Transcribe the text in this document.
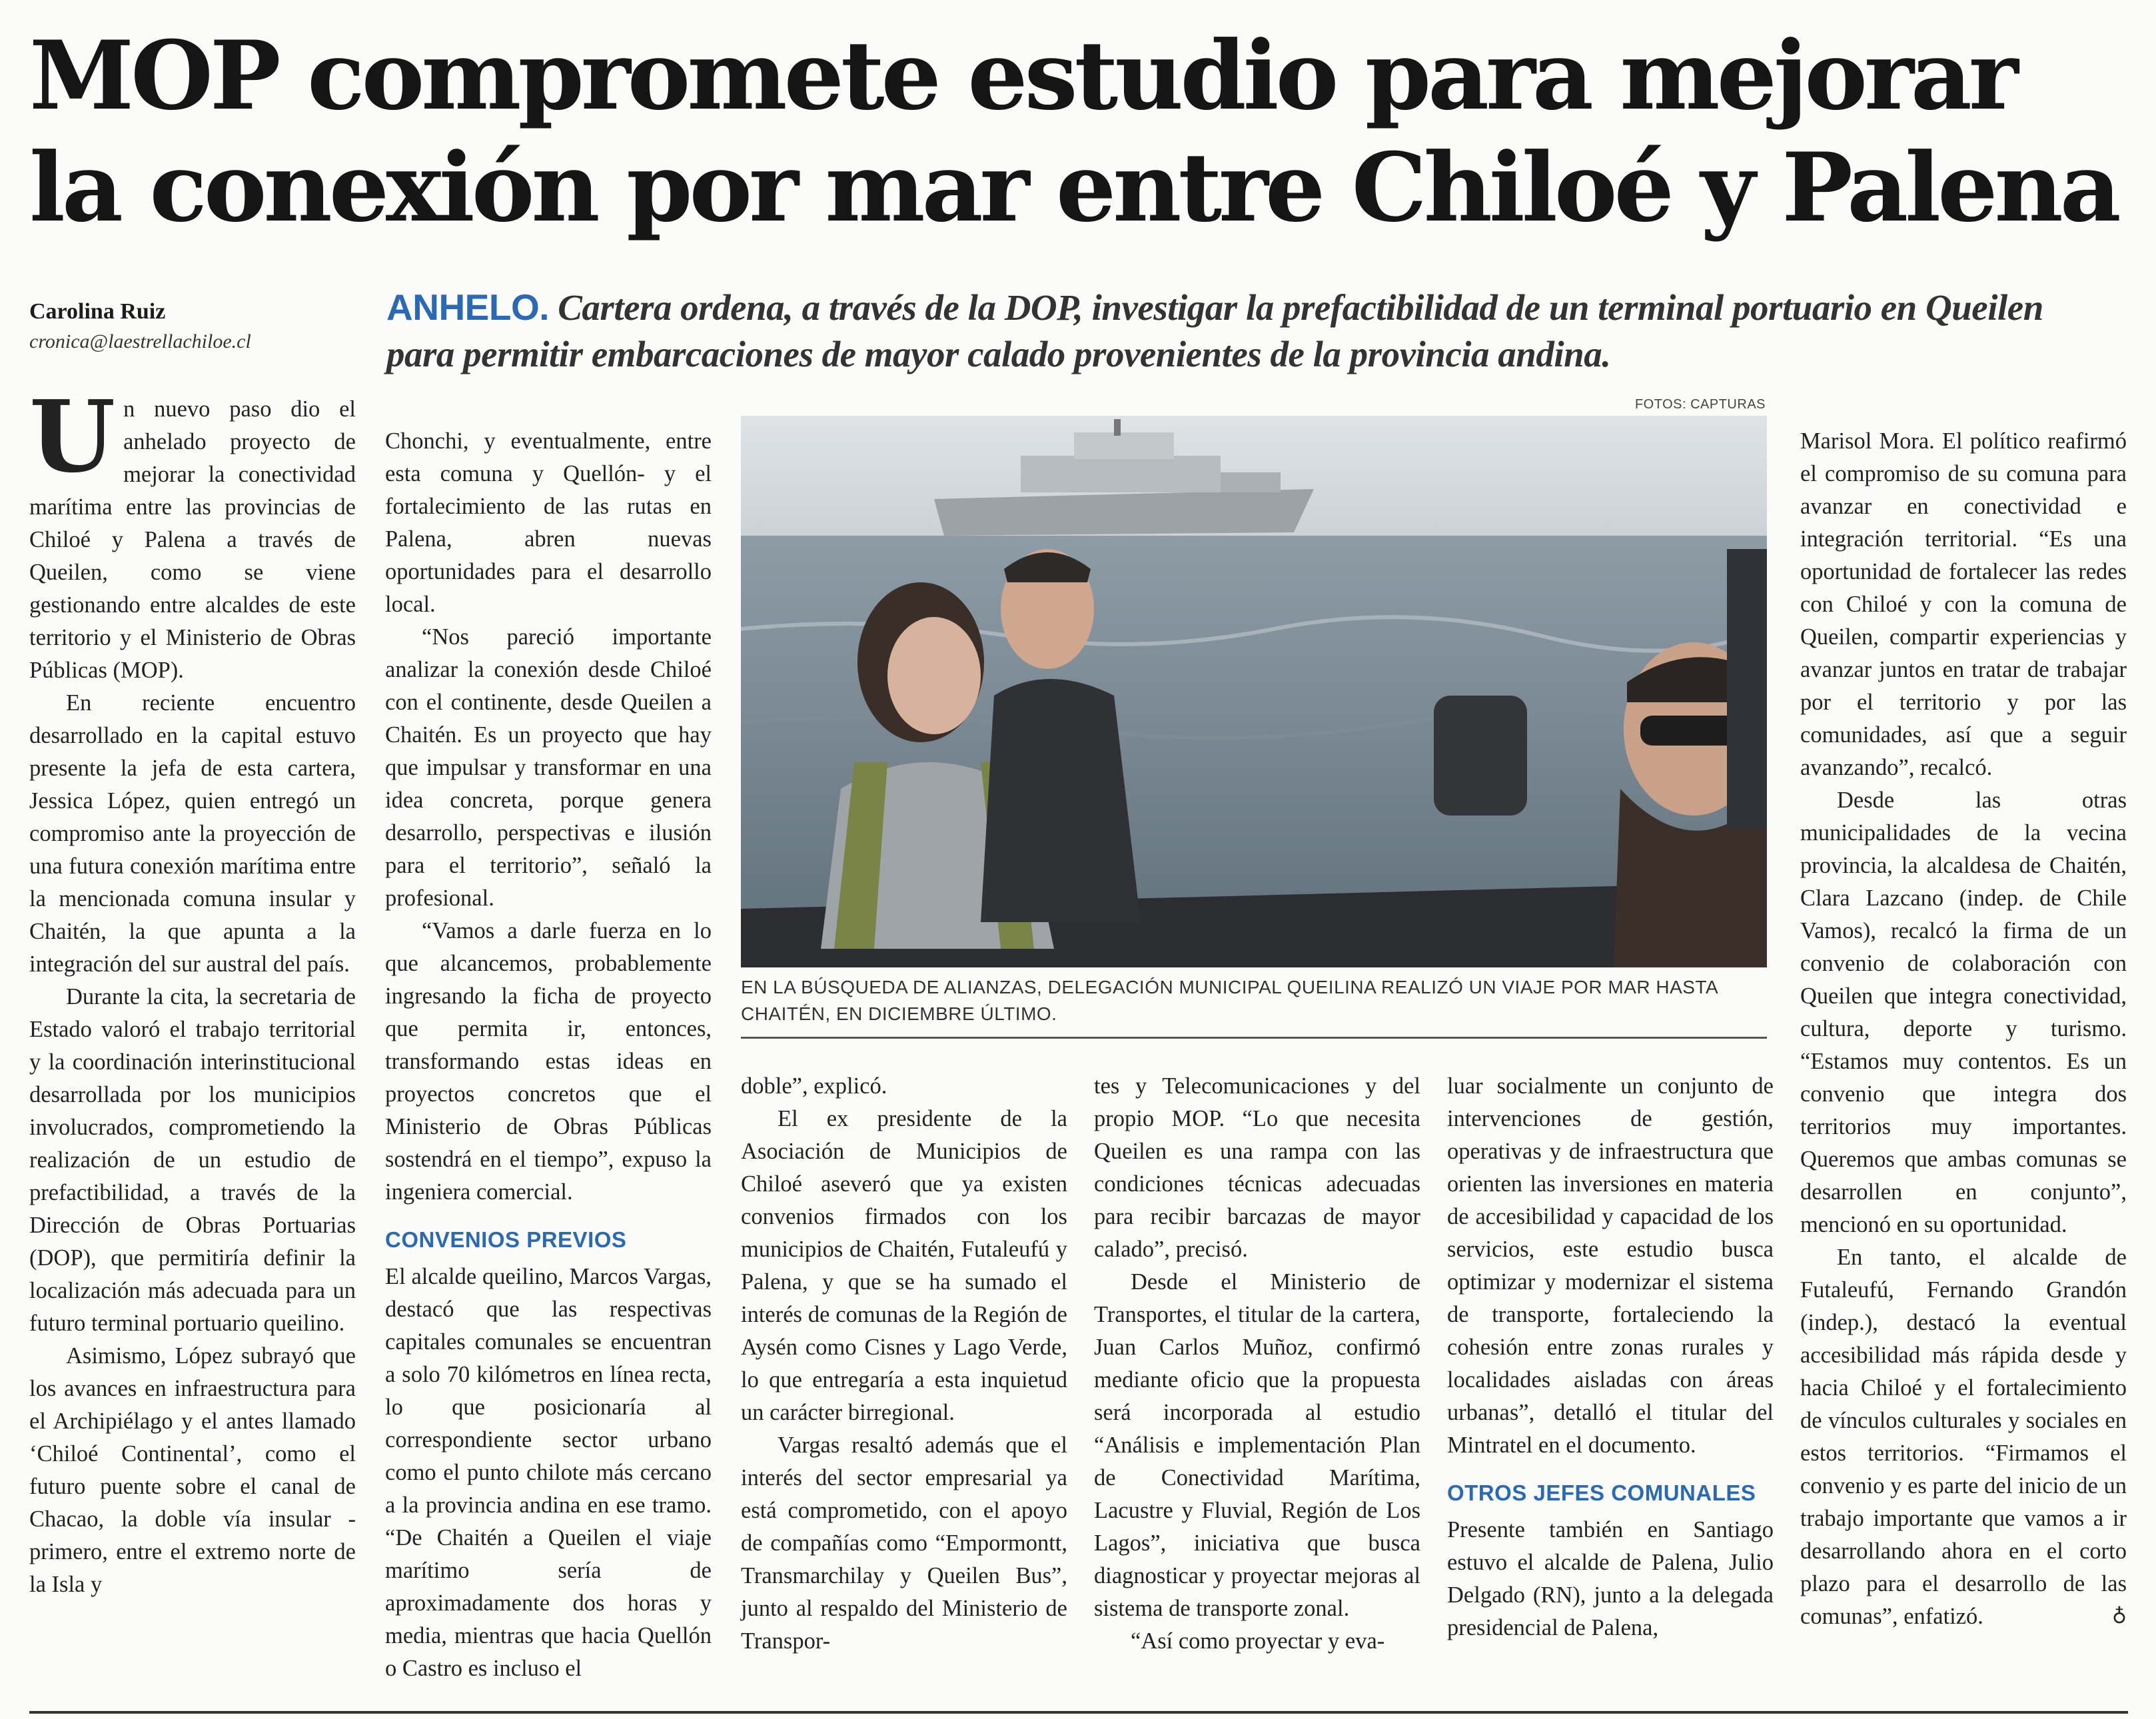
MOP compromete estudio para mejorar
la conexión por mar entre Chiloé y Palena
Carolina Ruiz
cronica@laestrellachiloe.cl
ANHELO. Cartera ordena, a través de la DOP, investigar la prefactibilidad de un terminal portuario en Queilen para permitir embarcaciones de mayor calado provenientes de la provincia andina.
FOTOS: CAPTURAS
EN LA BÚSQUEDA DE ALIANZAS, DELEGACIÓN MUNICIPAL QUEILINA REALIZÓ UN VIAJE POR MAR HASTA CHAITÉN, EN DICIEMBRE ÚLTIMO.

Un nuevo paso dio el anhelado proyecto de mejorar la conectividad marítima entre las provincias de Chiloé y Palena a través de Queilen, como se viene gestionando entre alcaldes de este territorio y el Ministerio de Obras Públicas (MOP).

En reciente encuentro desarrollado en la capital estuvo presente la jefa de esta cartera, Jessica López, quien entregó un compromiso ante la proyección de una futura conexión marítima entre la mencionada comuna insular y Chaitén, la que apunta a la integración del sur austral del país.

Durante la cita, la secretaria de Estado valoró el trabajo territorial y la coordinación interinstitucional desarrollada por los municipios involucrados, comprometiendo la realización de un estudio de prefactibilidad, a través de la Dirección de Obras Portuarias (DOP), que permitiría definir la localización más adecuada para un futuro terminal portuario queilino.

Asimismo, López subrayó que los avances en infraestructura para el Archipiélago y el antes llamado ‘Chiloé Continental’, como el futuro puente sobre el canal de Chacao, la doble vía insular -primero, entre el extremo norte de la Isla y

Chonchi, y eventualmente, entre esta comuna y Quellón- y el fortalecimiento de las rutas en Palena, abren nuevas oportunidades para el desarrollo local.

“Nos pareció importante analizar la conexión desde Chiloé con el continente, desde Queilen a Chaitén. Es un proyecto que hay que impulsar y transformar en una idea concreta, porque genera desarrollo, perspectivas e ilusión para el territorio”, señaló la profesional.

“Vamos a darle fuerza en lo que alcancemos, probablemente ingresando la ficha de proyecto que permita ir, entonces, transformando estas ideas en proyectos concretos que el Ministerio de Obras Públicas sostendrá en el tiempo”, expuso la ingeniera comercial.

CONVENIOS PREVIOS

El alcalde queilino, Marcos Vargas, destacó que las respectivas capitales comunales se encuentran a solo 70 kilómetros en línea recta, lo que posicionaría al correspondiente sector urbano como el punto chilote más cercano a la provincia andina en ese tramo. “De Chaitén a Queilen el viaje marítimo sería de aproximadamente dos horas y media, mientras que hacia Quellón o Castro es incluso el

doble”, explicó.

El ex presidente de la Asociación de Municipios de Chiloé aseveró que ya existen convenios firmados con los municipios de Chaitén, Futaleufú y Palena, y que se ha sumado el interés de comunas de la Región de Aysén como Cisnes y Lago Verde, lo que entregaría a esta inquietud un carácter birregional.

Vargas resaltó además que el interés del sector empresarial ya está comprometido, con el apoyo de compañías como “Empormontt, Transmarchilay y Queilen Bus”, junto al respaldo del Ministerio de Transpor-

tes y Telecomunicaciones y del propio MOP. “Lo que necesita Queilen es una rampa con las condiciones técnicas adecuadas para recibir barcazas de mayor calado”, precisó.

Desde el Ministerio de Transportes, el titular de la cartera, Juan Carlos Muñoz, confirmó mediante oficio que la propuesta será incorporada al estudio “Análisis e implementación Plan de Conectividad Marítima, Lacustre y Fluvial, Región de Los Lagos”, iniciativa que busca diagnosticar y proyectar mejoras al sistema de transporte zonal.

“Así como proyectar y eva-

luar socialmente un conjunto de intervenciones de gestión, operativas y de infraestructura que orienten las inversiones en materia de accesibilidad y capacidad de los servicios, este estudio busca optimizar y modernizar el sistema de transporte, fortaleciendo la cohesión entre zonas rurales y localidades aisladas con áreas urbanas”, detalló el titular del Mintratel en el documento.

OTROS JEFES COMUNALES

Presente también en Santiago estuvo el alcalde de Palena, Julio Delgado (RN), junto a la delegada presidencial de Palena,

Marisol Mora. El político reafirmó el compromiso de su comuna para avanzar en conectividad e integración territorial. “Es una oportunidad de fortalecer las redes con Chiloé y con la comuna de Queilen, compartir experiencias y avanzar juntos en tratar de trabajar por el territorio y por las comunidades, así que a seguir avanzando”, recalcó.

Desde las otras municipalidades de la vecina provincia, la alcaldesa de Chaitén, Clara Lazcano (indep. de Chile Vamos), recalcó la firma de un convenio de colaboración con Queilen que integra conectividad, cultura, deporte y turismo. “Estamos muy contentos. Es un convenio que integra dos territorios muy importantes. Queremos que ambas comunas se desarrollen en conjunto”, mencionó en su oportunidad.

En tanto, el alcalde de Futaleufú, Fernando Grandón (indep.), destacó la eventual accesibilidad más rápida desde y hacia Chiloé y el fortalecimiento de vínculos culturales y sociales en estos territorios. “Firmamos el convenio y es parte del inicio de un trabajo importante que vamos a ir desarrollando ahora en el corto plazo para el desarrollo de las comunas”, enfatizó.	♁
